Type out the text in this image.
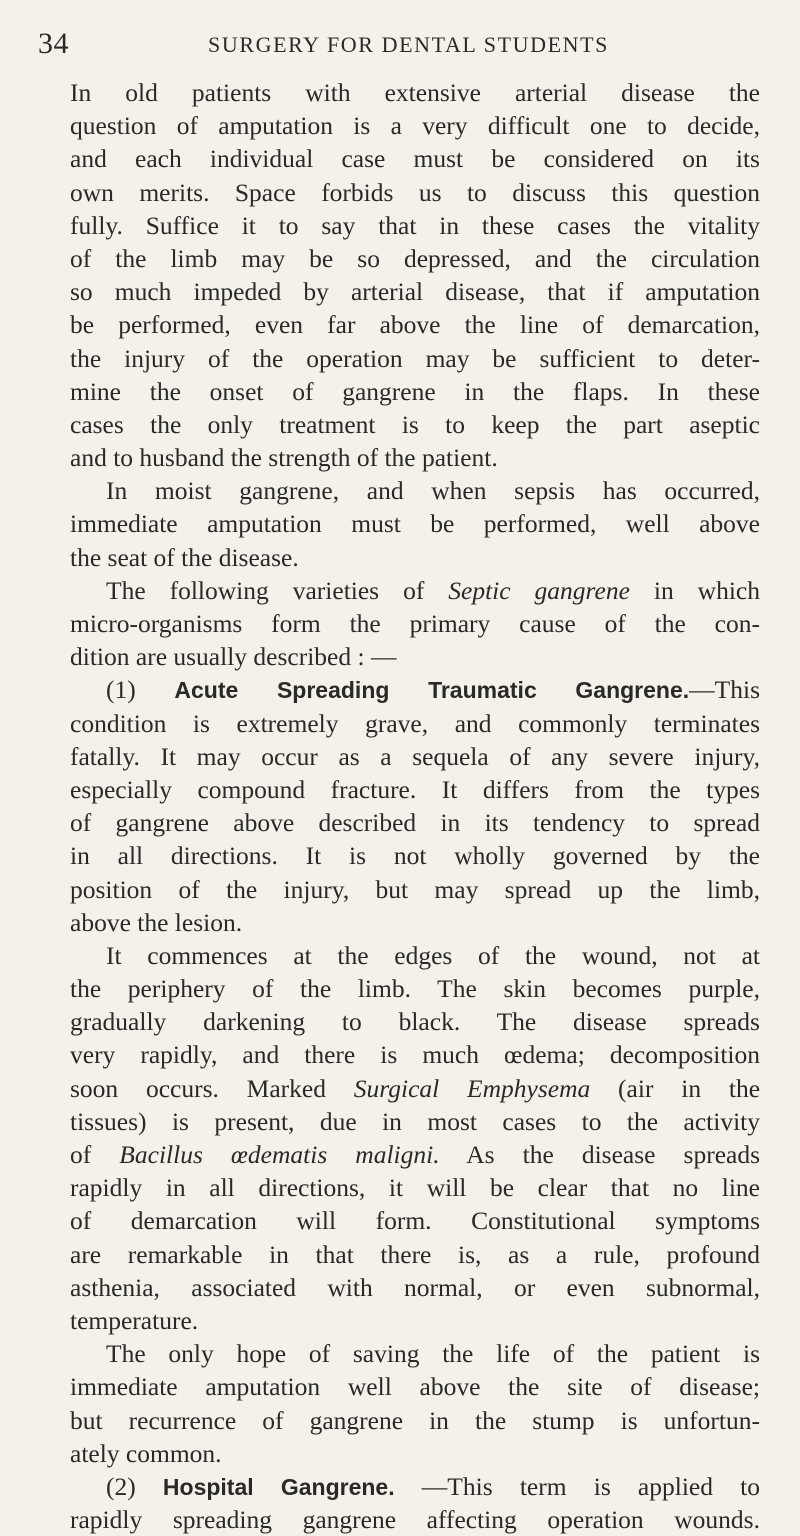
34	SURGERY FOR DENTAL STUDENTS
In old patients with extensive arterial disease the
question of amputation is a very difficult one to decide,
and each individual case must be considered on its
own merits. Space forbids us to discuss this question
fully. Suffice it to say that in these cases the vitality
of the limb may be so depressed, and the circulation
so much impeded by arterial disease, that if amputation
be performed, even far above the line of demarcation,
the injury of the operation may be sufficient to deter-
mine the onset of gangrene in the flaps. In these
cases the only treatment is to keep the part aseptic
and to husband the strength of the patient.
In moist gangrene, and when sepsis has occurred,
immediate amputation must be performed, well above
the seat of the disease.
The following varieties of Septic gangrene in which
micro-organisms form the primary cause of the con-
dition are usually described : —
(1) Acute Spreading Traumatic Gangrene.—This
condition is extremely grave, and commonly terminates
fatally. It may occur as a sequela of any severe injury,
especially compound fracture. It differs from the types
of gangrene above described in its tendency to spread
in all directions. It is not wholly governed by the
position of the injury, but may spread up the limb,
above the lesion.
It commences at the edges of the wound, not at
the periphery of the limb. The skin becomes purple,
gradually darkening to black. The disease spreads
very rapidly, and there is much œdema; decomposition
soon occurs. Marked Surgical Emphysema (air in the
tissues) is present, due in most cases to the activity
of Bacillus œdematis maligni. As the disease spreads
rapidly in all directions, it will be clear that no line
of demarcation will form. Constitutional symptoms
are remarkable in that there is, as a rule, profound
asthenia, associated with normal, or even subnormal,
temperature.
The only hope of saving the life of the patient is
immediate amputation well above the site of disease;
but recurrence of gangrene in the stump is unfortun-
ately common.
(2) Hospital Gangrene. —This term is applied to
rapidly spreading gangrene affecting operation wounds.
